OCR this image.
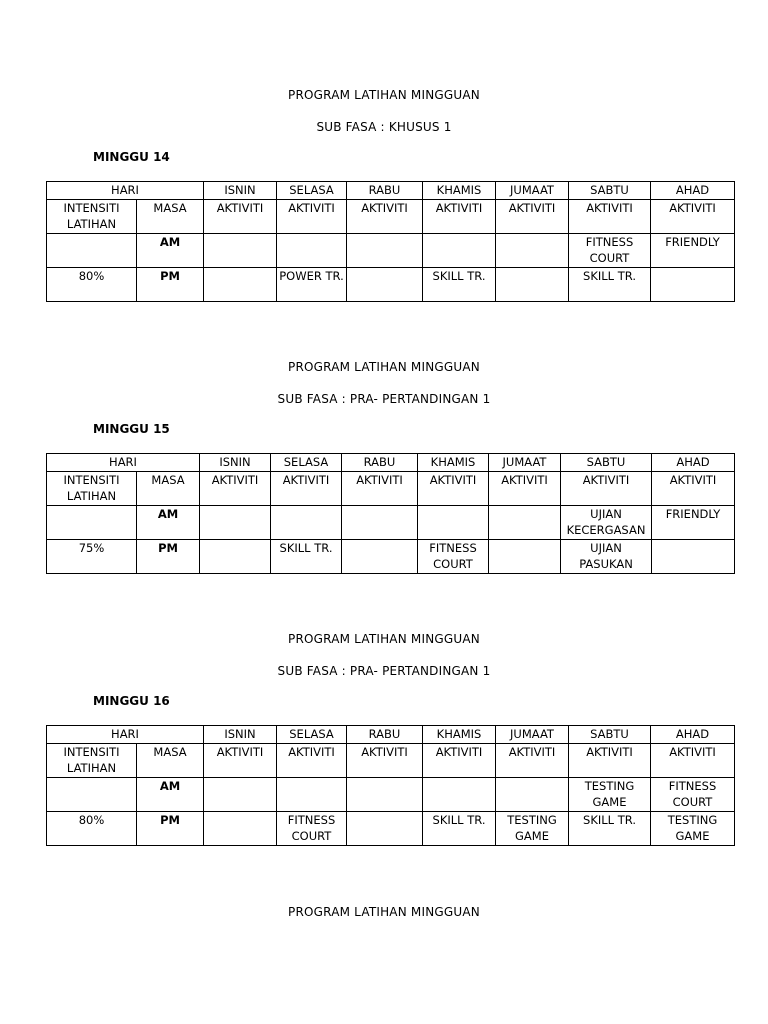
PROGRAM LATIHAN MINGGUAN
SUB FASA : KHUSUS 1
MINGGU 14
HARI		ISNIN	SELASA	RABU	KHAMIS	JUMAAT	SABTU	AHAD
INTENSITI LATIHAN	MASA	AKTIVITI	AKTIVITI	AKTIVITI	AKTIVITI	AKTIVITI	AKTIVITI	AKTIVITI
	AM						FITNESS COURT	FRIENDLY
80%	PM		POWER TR.		SKILL TR.		SKILL TR.	
PROGRAM LATIHAN MINGGUAN
SUB FASA : PRA- PERTANDINGAN 1
MINGGU 15
HARI		ISNIN	SELASA	RABU	KHAMIS	JUMAAT	SABTU	AHAD
INTENSITI LATIHAN	MASA	AKTIVITI	AKTIVITI	AKTIVITI	AKTIVITI	AKTIVITI	AKTIVITI	AKTIVITI
	AM						UJIAN KECERGASAN	FRIENDLY
75%	PM		SKILL TR.		FITNESS COURT		UJIAN PASUKAN	
PROGRAM LATIHAN MINGGUAN
SUB FASA : PRA- PERTANDINGAN 1
MINGGU 16
HARI		ISNIN	SELASA	RABU	KHAMIS	JUMAAT	SABTU	AHAD
INTENSITI LATIHAN	MASA	AKTIVITI	AKTIVITI	AKTIVITI	AKTIVITI	AKTIVITI	AKTIVITI	AKTIVITI
	AM						TESTING GAME	FITNESS COURT
80%	PM		FITNESS COURT		SKILL TR.	TESTING GAME	SKILL TR.	TESTING GAME
PROGRAM LATIHAN MINGGUAN
